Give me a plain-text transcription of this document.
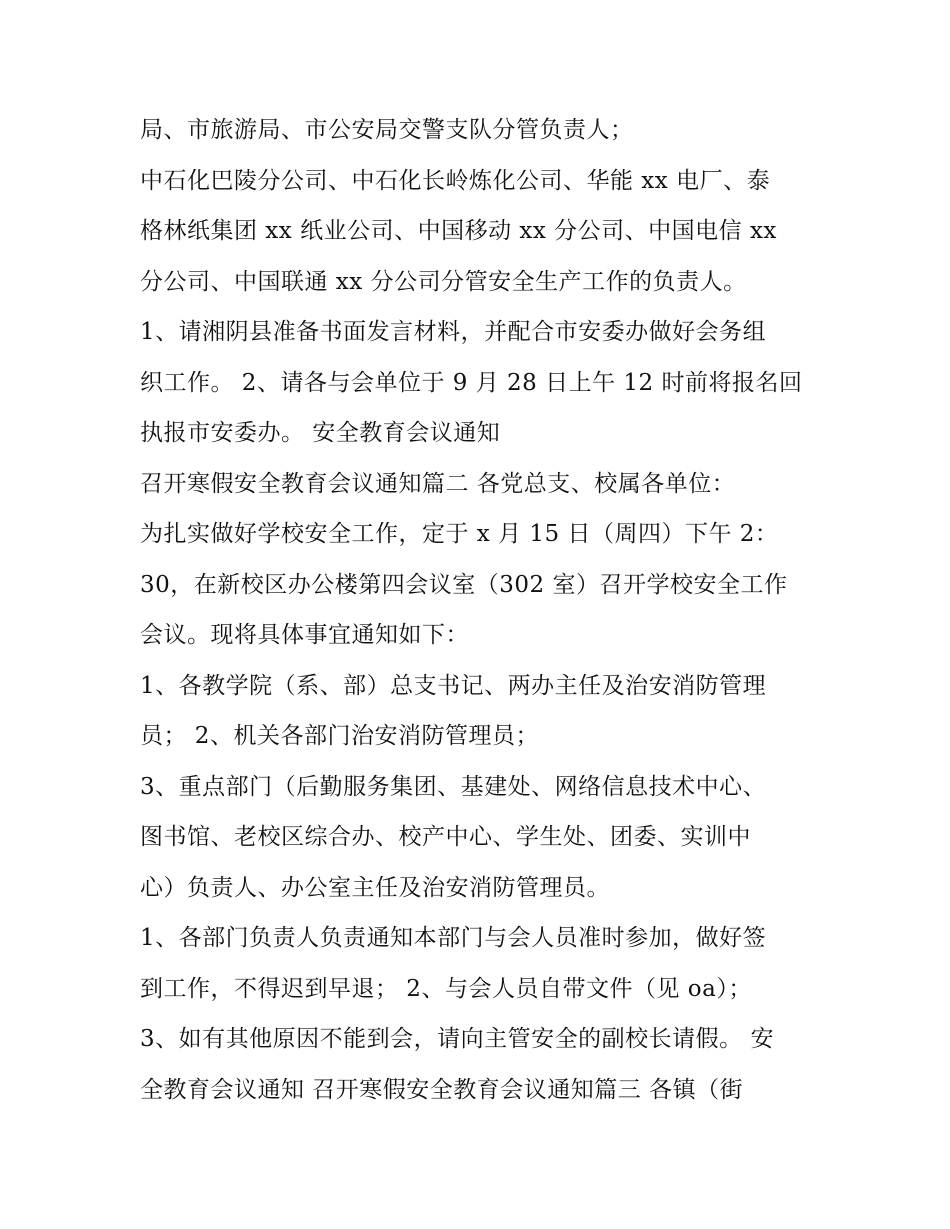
局、市旅游局、市公安局交警支队分管负责人；
中石化巴陵分公司、中石化长岭炼化公司、华能 xx 电厂、泰
格林纸集团 xx 纸业公司、中国移动 xx 分公司、中国电信 xx
分公司、中国联通 xx 分公司分管安全生产工作的负责人。
1、请湘阴县准备书面发言材料，并配合市安委办做好会务组
织工作。 2、请各与会单位于 9 月 28 日上午 12 时前将报名回
执报市安委办。 安全教育会议通知
召开寒假安全教育会议通知篇二 各党总支、校属各单位：
为扎实做好学校安全工作，定于 x 月 15 日（周四）下午 2：
30，在新校区办公楼第四会议室（302 室）召开学校安全工作
会议。现将具体事宜通知如下：
1、各教学院（系、部）总支书记、两办主任及治安消防管理
员； 2、机关各部门治安消防管理员；
3、重点部门（后勤服务集团、基建处、网络信息技术中心、
图书馆、老校区综合办、校产中心、学生处、团委、实训中
心）负责人、办公室主任及治安消防管理员。
1、各部门负责人负责通知本部门与会人员准时参加，做好签
到工作，不得迟到早退； 2、与会人员自带文件（见 oa）；
3、如有其他原因不能到会，请向主管安全的副校长请假。 安
全教育会议通知 召开寒假安全教育会议通知篇三 各镇（街
